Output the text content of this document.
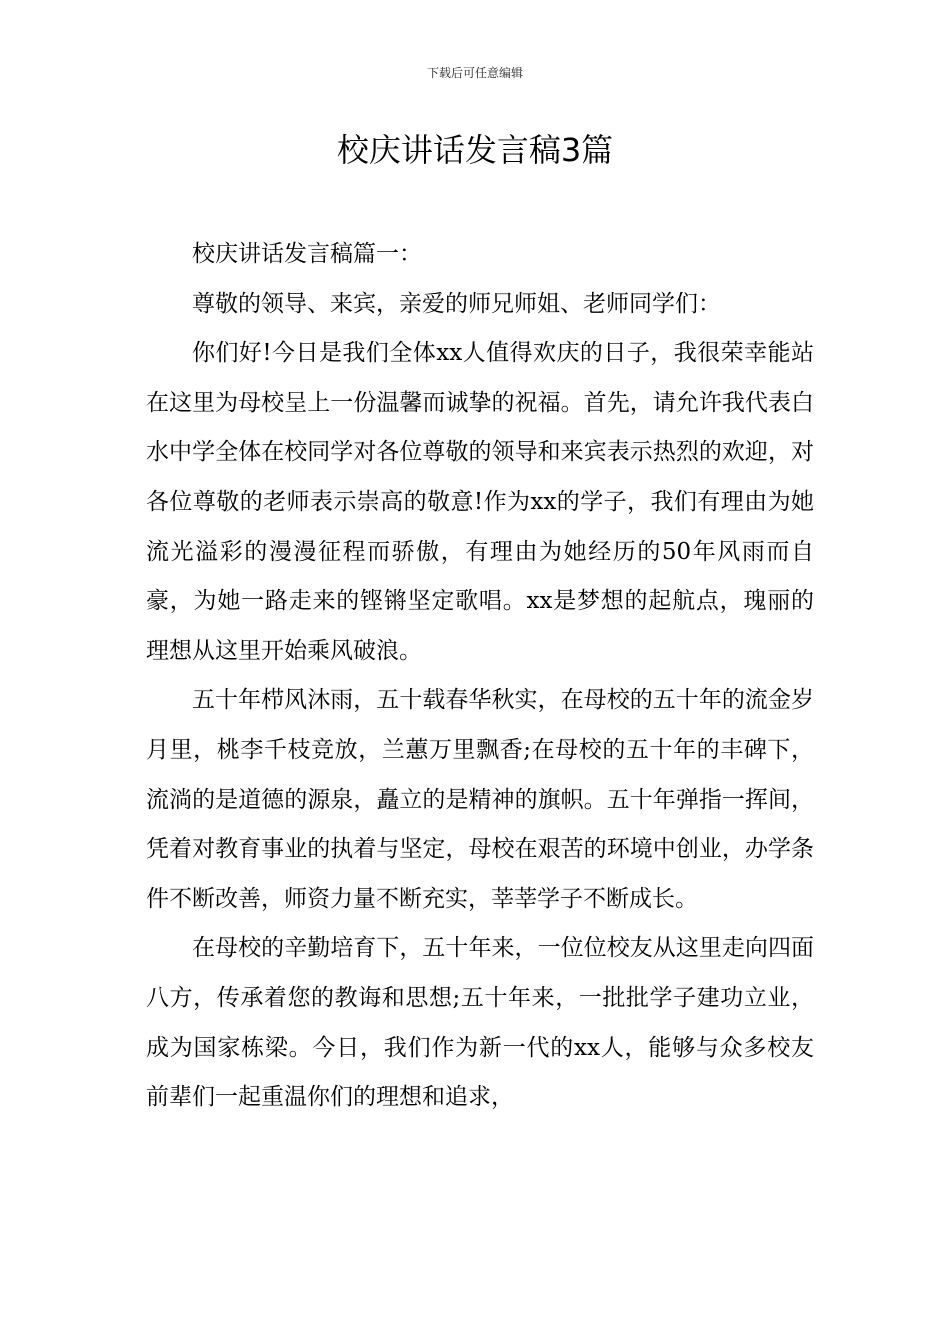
下载后可任意编辑
校庆讲话发言稿3篇

校庆讲话发言稿篇一：

尊敬的领导、来宾，亲爱的师兄师姐、老师同学们：

你们好!今日是我们全体xx人值得欢庆的日子，我很荣幸能站在这里为母校呈上一份温馨而诚挚的祝福。首先，请允许我代表白水中学全体在校同学对各位尊敬的领导和来宾表示热烈的欢迎，对各位尊敬的老师表示崇高的敬意!作为xx的学子，我们有理由为她流光溢彩的漫漫征程而骄傲，有理由为她经历的50年风雨而自豪，为她一路走来的铿锵坚定歌唱。xx是梦想的起航点，瑰丽的理想从这里开始乘风破浪。

五十年栉风沐雨，五十载春华秋实，在母校的五十年的流金岁月里，桃李千枝竞放，兰蕙万里飘香;在母校的五十年的丰碑下，流淌的是道德的源泉，矗立的是精神的旗帜。五十年弹指一挥间，凭着对教育事业的执着与坚定，母校在艰苦的环境中创业，办学条件不断改善，师资力量不断充实，莘莘学子不断成长。

在母校的辛勤培育下，五十年来，一位位校友从这里走向四面八方，传承着您的教诲和思想;五十年来，一批批学子建功立业，成为国家栋梁。今日，我们作为新一代的xx人，能够与众多校友前辈们一起重温你们的理想和追求，
